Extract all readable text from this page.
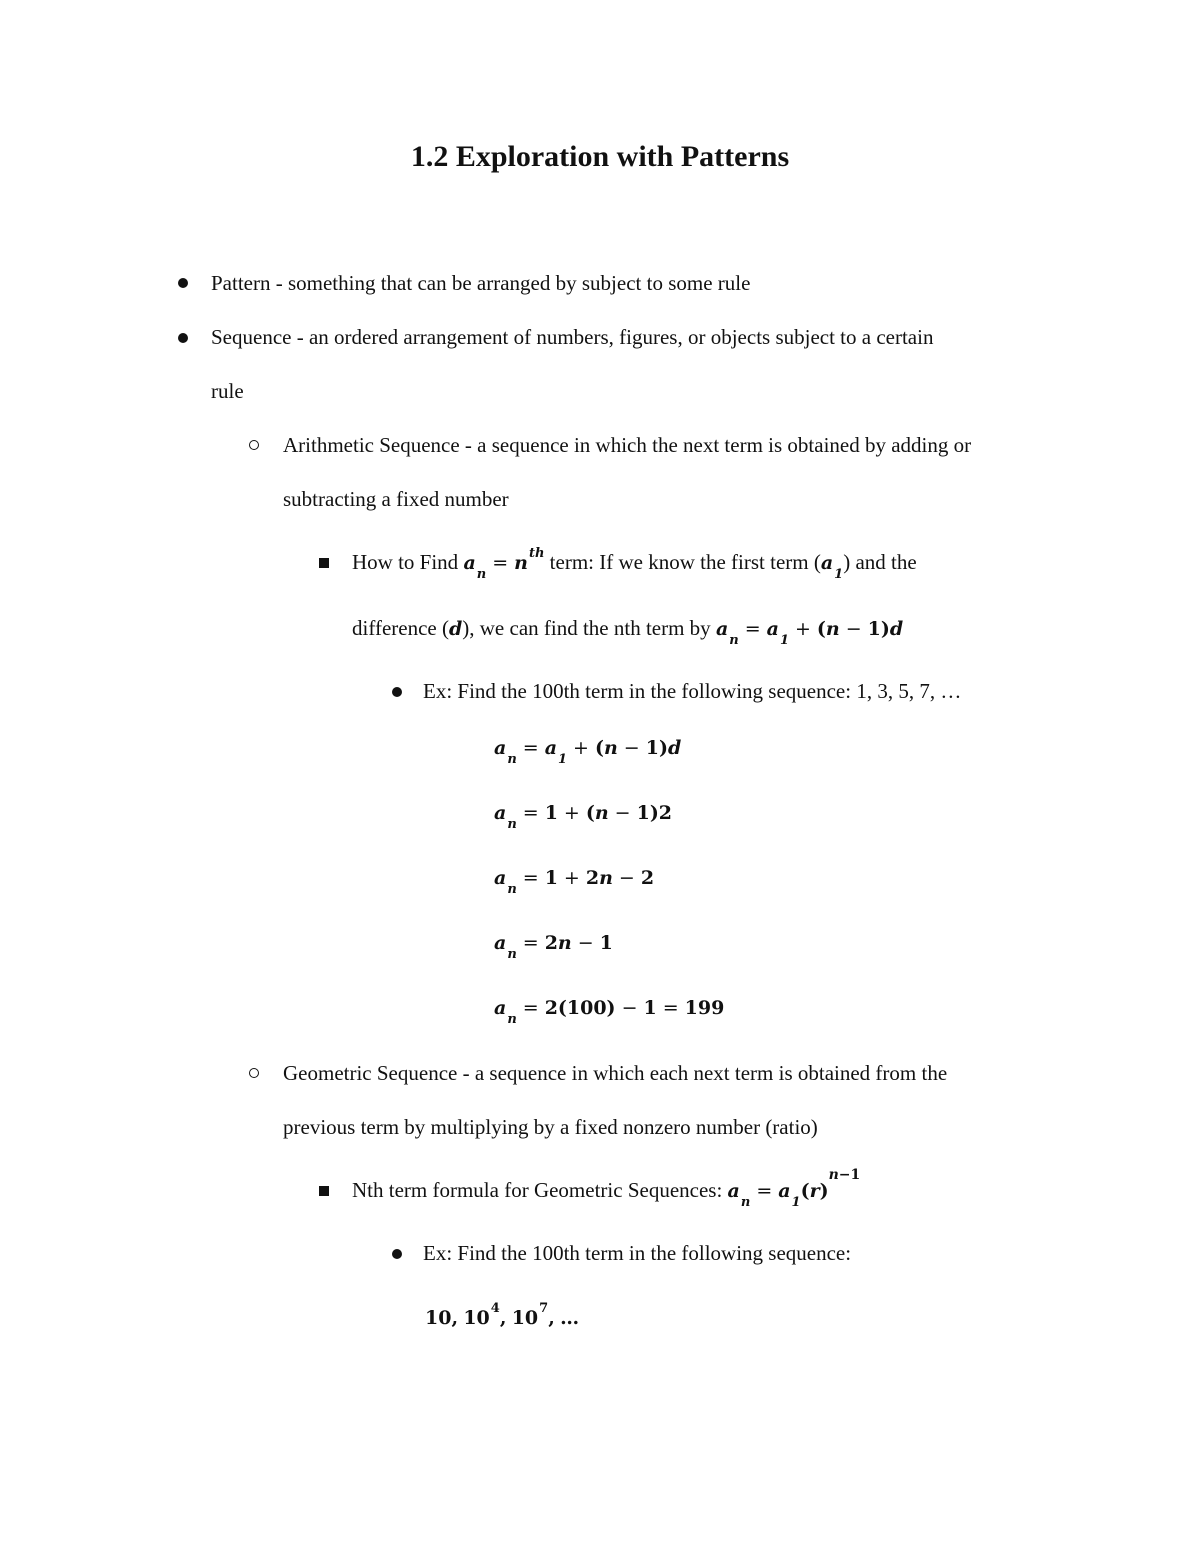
1.2 Exploration with Patterns
Pattern - something that can be arranged by subject to some rule
Sequence - an ordered arrangement of numbers, figures, or objects subject to a certain
rule
Arithmetic Sequence - a sequence in which the next term is obtained by adding or
subtracting a fixed number
How to Find $a_n= n^{th}$ term: If we know the first term $(a_1)$ and the
difference (d), we can find the nth term by $a_n= a_1+ (n - 1)d$
Ex: Find the 100th term in the following sequence: 1, 3, 5, 7, …
$a_n= a_1+ (n - 1)d$
$a_n= 1 + (n - 1)2$
$a_n= 1 + 2n - 2$
$a_n= 2n - 1$
$a_n= 2(100) - 1 = 199$
Geometric Sequence - a sequence in which each next term is obtained from the
previous term by multiplying by a fixed nonzero number (ratio)
Nth term formula for Geometric Sequences: $a_n= a_1(r)^{n-1}$
Ex: Find the 100th term in the following sequence:
10, $10^4$, $10^7$, …
